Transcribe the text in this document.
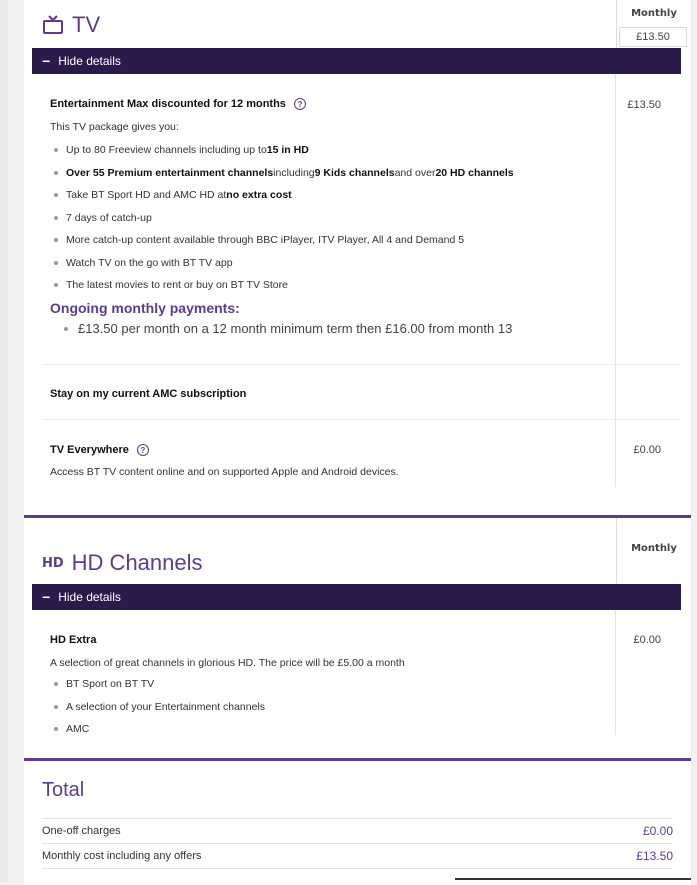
TV	Monthly
£13.50
− Hide details
Entertainment Max discounted for 12 months	?	£13.50
This TV package gives you:
Up to 80 Freeview channels including up to 15 in HD
Over 55 Premium entertainment channels including 9 Kids channels and over 20 HD channels
Take BT Sport HD and AMC HD at no extra cost
7 days of catch-up
More catch-up content available through BBC iPlayer, ITV Player, All 4 and Demand 5
Watch TV on the go with BT TV app
The latest movies to rent or buy on BT TV Store
Ongoing monthly payments:
£13.50 per month on a 12 month minimum term then £16.00 from month 13
Stay on my current AMC subscription
TV Everywhere	?	£0.00
Access BT TV content online and on supported Apple and Android devices.
HD HD Channels
Monthly
− Hide details
HD Extra	£0.00
A selection of great channels in glorious HD. The price will be £5.00 a month
BT Sport on BT TV
A selection of your Entertainment channels
AMC
Total
One-off charges	£0.00
Monthly cost including any offers	£13.50
